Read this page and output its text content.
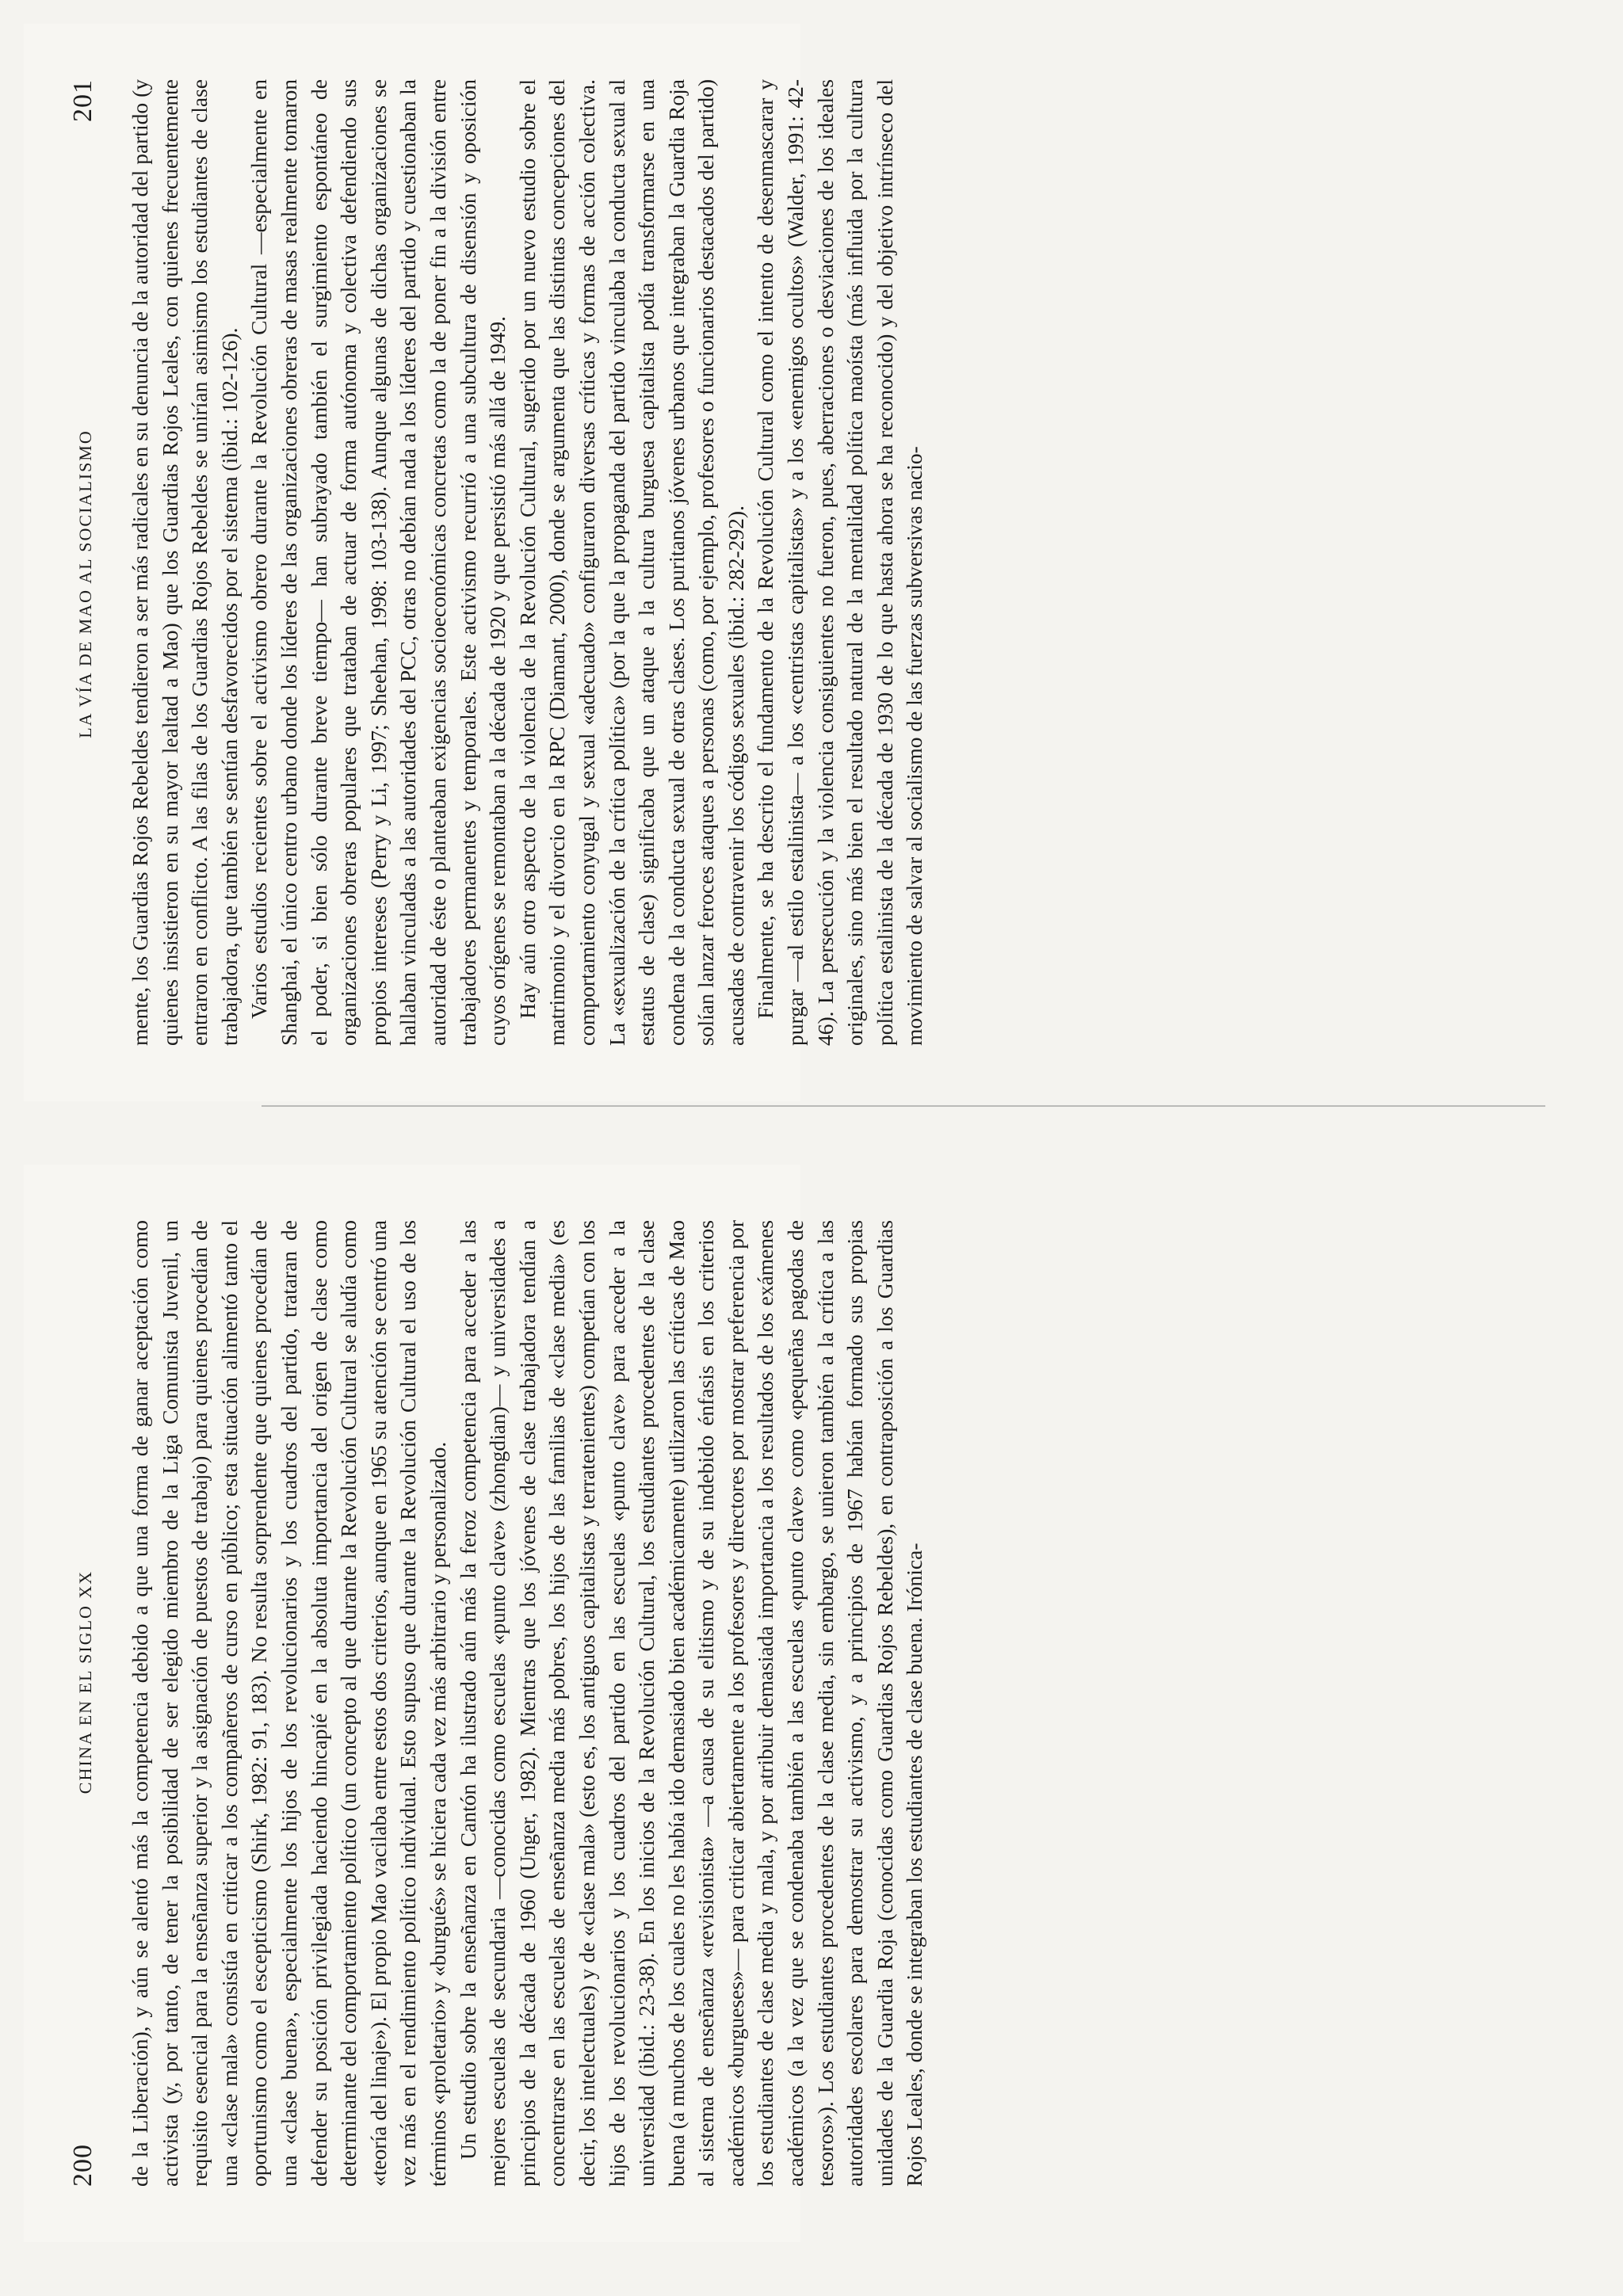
LA VÍA DE MAO AL SOCIALISMO
201 mente, los Guardias Rojos Rebeldes tendieron a ser más radicales en su denuncia de la autoridad del partido (y quienes insistieron en su mayor lealtad a Mao) que los Guardias Rojos Leales, con quienes frecuentemente entraron en conflicto. A las filas de los Guardias Rojos Rebeldes se unirían asimismo los estudiantes de clase trabajadora, que también se sentían desfavorecidos por el sistema (ibid.: 102-126). Varios estudios recientes sobre el activismo obrero durante la Revolución Cultural —especialmente en Shanghai, el único centro urbano donde los líderes de las organizaciones obreras de masas realmente tomaron el poder, si bien sólo durante breve tiempo— han subrayado también el surgimiento espontáneo de organizaciones obreras populares que trataban de actuar de forma autónoma y colectiva defendiendo sus propios intereses (Perry y Li, 1997; Sheehan, 1998: 103-138). Aunque algunas de dichas organizaciones se hallaban vinculadas a las autoridades del PCC, otras no debían nada a los líderes del partido y cuestionaban la autoridad de éste o planteaban exigencias socioeconómicas concretas como la de poner fin a la división entre trabajadores permanentes y temporales. Este activismo recurrió a una subcultura de disensión y oposición cuyos orígenes se remontaban a la década de 1920 y que persistió más allá de 1949. Hay aún otro aspecto de la violencia de la Revolución Cultural, sugerido por un nuevo estudio sobre el matrimonio y el divorcio en la RPC (Diamant, 2000), donde se argumenta que las distintas concepciones del comportamiento conyugal y sexual «adecuado» configuraron diversas críticas y formas de acción colectiva. La «sexualización de la crítica política» (por la que la propaganda del partido vinculaba la conducta sexual al estatus de clase) significaba que un ataque a la cultura burguesa capitalista podía transformarse en una condena de la conducta sexual de otras clases. Los puritanos jóvenes urbanos que integraban la Guardia Roja solían lanzar feroces ataques a personas (como, por ejemplo, profesores o funcionarios destacados del partido) acusadas de contravenir los códigos sexuales (ibid.: 282-292). Finalmente, se ha descrito el fundamento de la Revolución Cultural como el intento de desenmascarar y purgar —al estilo estalinista— a los «centristas capitalistas» y a los «enemigos ocultos» (Walder, 1991: 42-46). La persecución y la violencia consiguientes no fueron, pues, aberraciones o desviaciones de los ideales originales, sino más bien el resultado natural de la mentalidad política maoísta (más influida por la cultura política estalinista de la década de 1930 de lo que hasta ahora se ha reconocido) y del objetivo intrínseco del movimiento de salvar al socialismo de las fuerzas subversivas nacio-

200
CHINA EN EL SIGLO XX de la Liberación), y aún se alentó más la competencia debido a que una forma de ganar aceptación como activista (y, por tanto, de tener la posibilidad de ser elegido miembro de la Liga Comunista Juvenil, un requisito esencial para la enseñanza superior y la asignación de puestos de trabajo) para quienes procedían de una «clase mala» consistía en criticar a los compañeros de curso en público; esta situación alimentó tanto el oportunismo como el escepticismo (Shirk, 1982: 91, 183). No resulta sorprendente que quienes procedían de una «clase buena», especialmente los hijos de los revolucionarios y los cuadros del partido, trataran de defender su posición privilegiada haciendo hincapié en la absoluta importancia del origen de clase como determinante del comportamiento político (un concepto al que durante la Revolución Cultural se aludía como «teoría del linaje»). El propio Mao vacilaba entre estos dos criterios, aunque en 1965 su atención se centró una vez más en el rendimiento político individual. Esto supuso que durante la Revolución Cultural el uso de los términos «proletario» y «burgués» se hiciera cada vez más arbitrario y personalizado. Un estudio sobre la enseñanza en Cantón ha ilustrado aún más la feroz competencia para acceder a las mejores escuelas de secundaria —conocidas como escuelas «punto clave» (zhongdian)— y universidades a principios de la década de 1960 (Unger, 1982). Mientras que los jóvenes de clase trabajadora tendían a concentrarse en las escuelas de enseñanza media más pobres, los hijos de las familias de «clase media» (es decir, los intelectuales) y de «clase mala» (esto es, los antiguos capitalistas y terratenientes) competían con los hijos de los revolucionarios y los cuadros del partido en las escuelas «punto clave» para acceder a la universidad (ibid.: 23-38). En los inicios de la Revolución Cultural, los estudiantes procedentes de la clase buena (a muchos de los cuales no les había ido demasiado bien académicamente) utilizaron las críticas de Mao al sistema de enseñanza «revisionista» —a causa de su elitismo y de su indebido énfasis en los criterios académicos «burgueses»— para criticar abiertamente a los profesores y directores por mostrar preferencia por los estudiantes de clase media y mala, y por atribuir demasiada importancia a los resultados de los exámenes académicos (a la vez que se condenaba también a las escuelas «punto clave» como «pequeñas pagodas de tesoros»). Los estudiantes procedentes de la clase media, sin embargo, se unieron también a la crítica a las autoridades escolares para demostrar su activismo, y a principios de 1967 habían formado sus propias unidades de la Guardia Roja (conocidas como Guardias Rojos Rebeldes), en contraposición a los Guardias Rojos Leales, donde se integraban los estudiantes de clase buena. Irónica-
